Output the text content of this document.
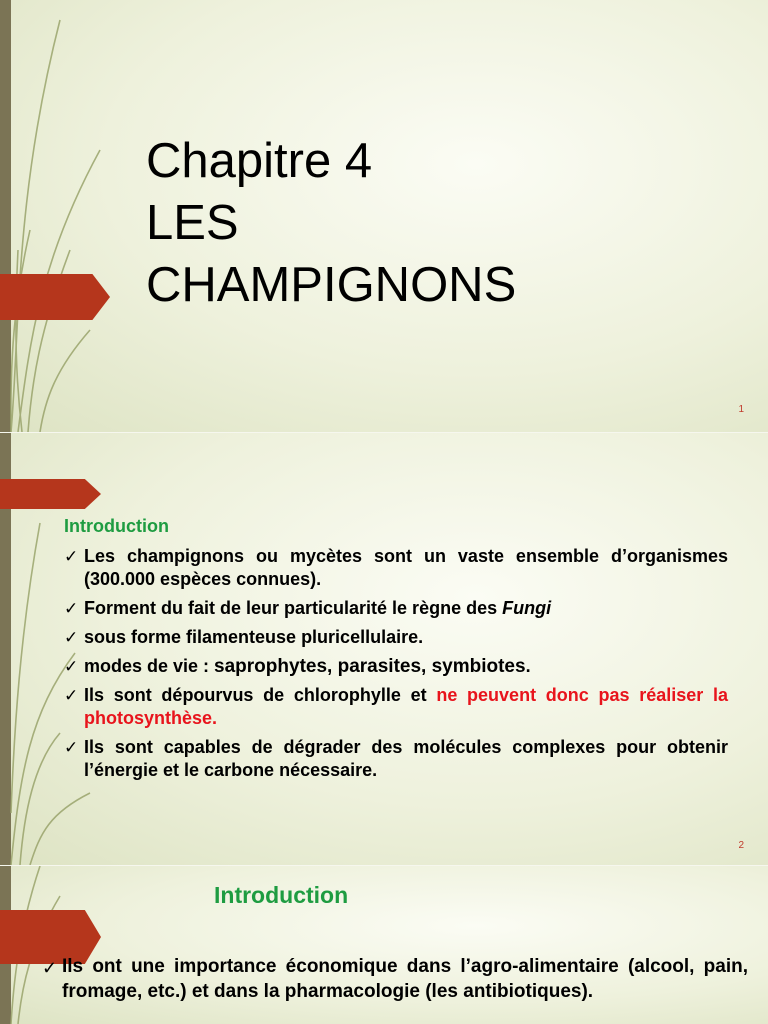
Chapitre 4
LES
CHAMPIGNONS
1
Introduction
✓ Les champignons ou mycètes sont un vaste ensemble d’organismes (300.000 espèces connues).
✓ Forment du fait de leur particularité le règne des Fungi
✓ sous forme filamenteuse pluricellulaire.
✓ modes de vie : saprophytes, parasites, symbiotes.
✓ Ils sont dépourvus de chlorophylle et ne peuvent donc pas réaliser la photosynthèse.
✓ Ils sont capables de dégrader des molécules complexes pour obtenir l’énergie et le carbone nécessaire.
2
Introduction
✓ Ils ont une importance économique dans l’agro-alimentaire (alcool, pain, fromage, etc.) et dans la pharmacologie (les antibiotiques).
